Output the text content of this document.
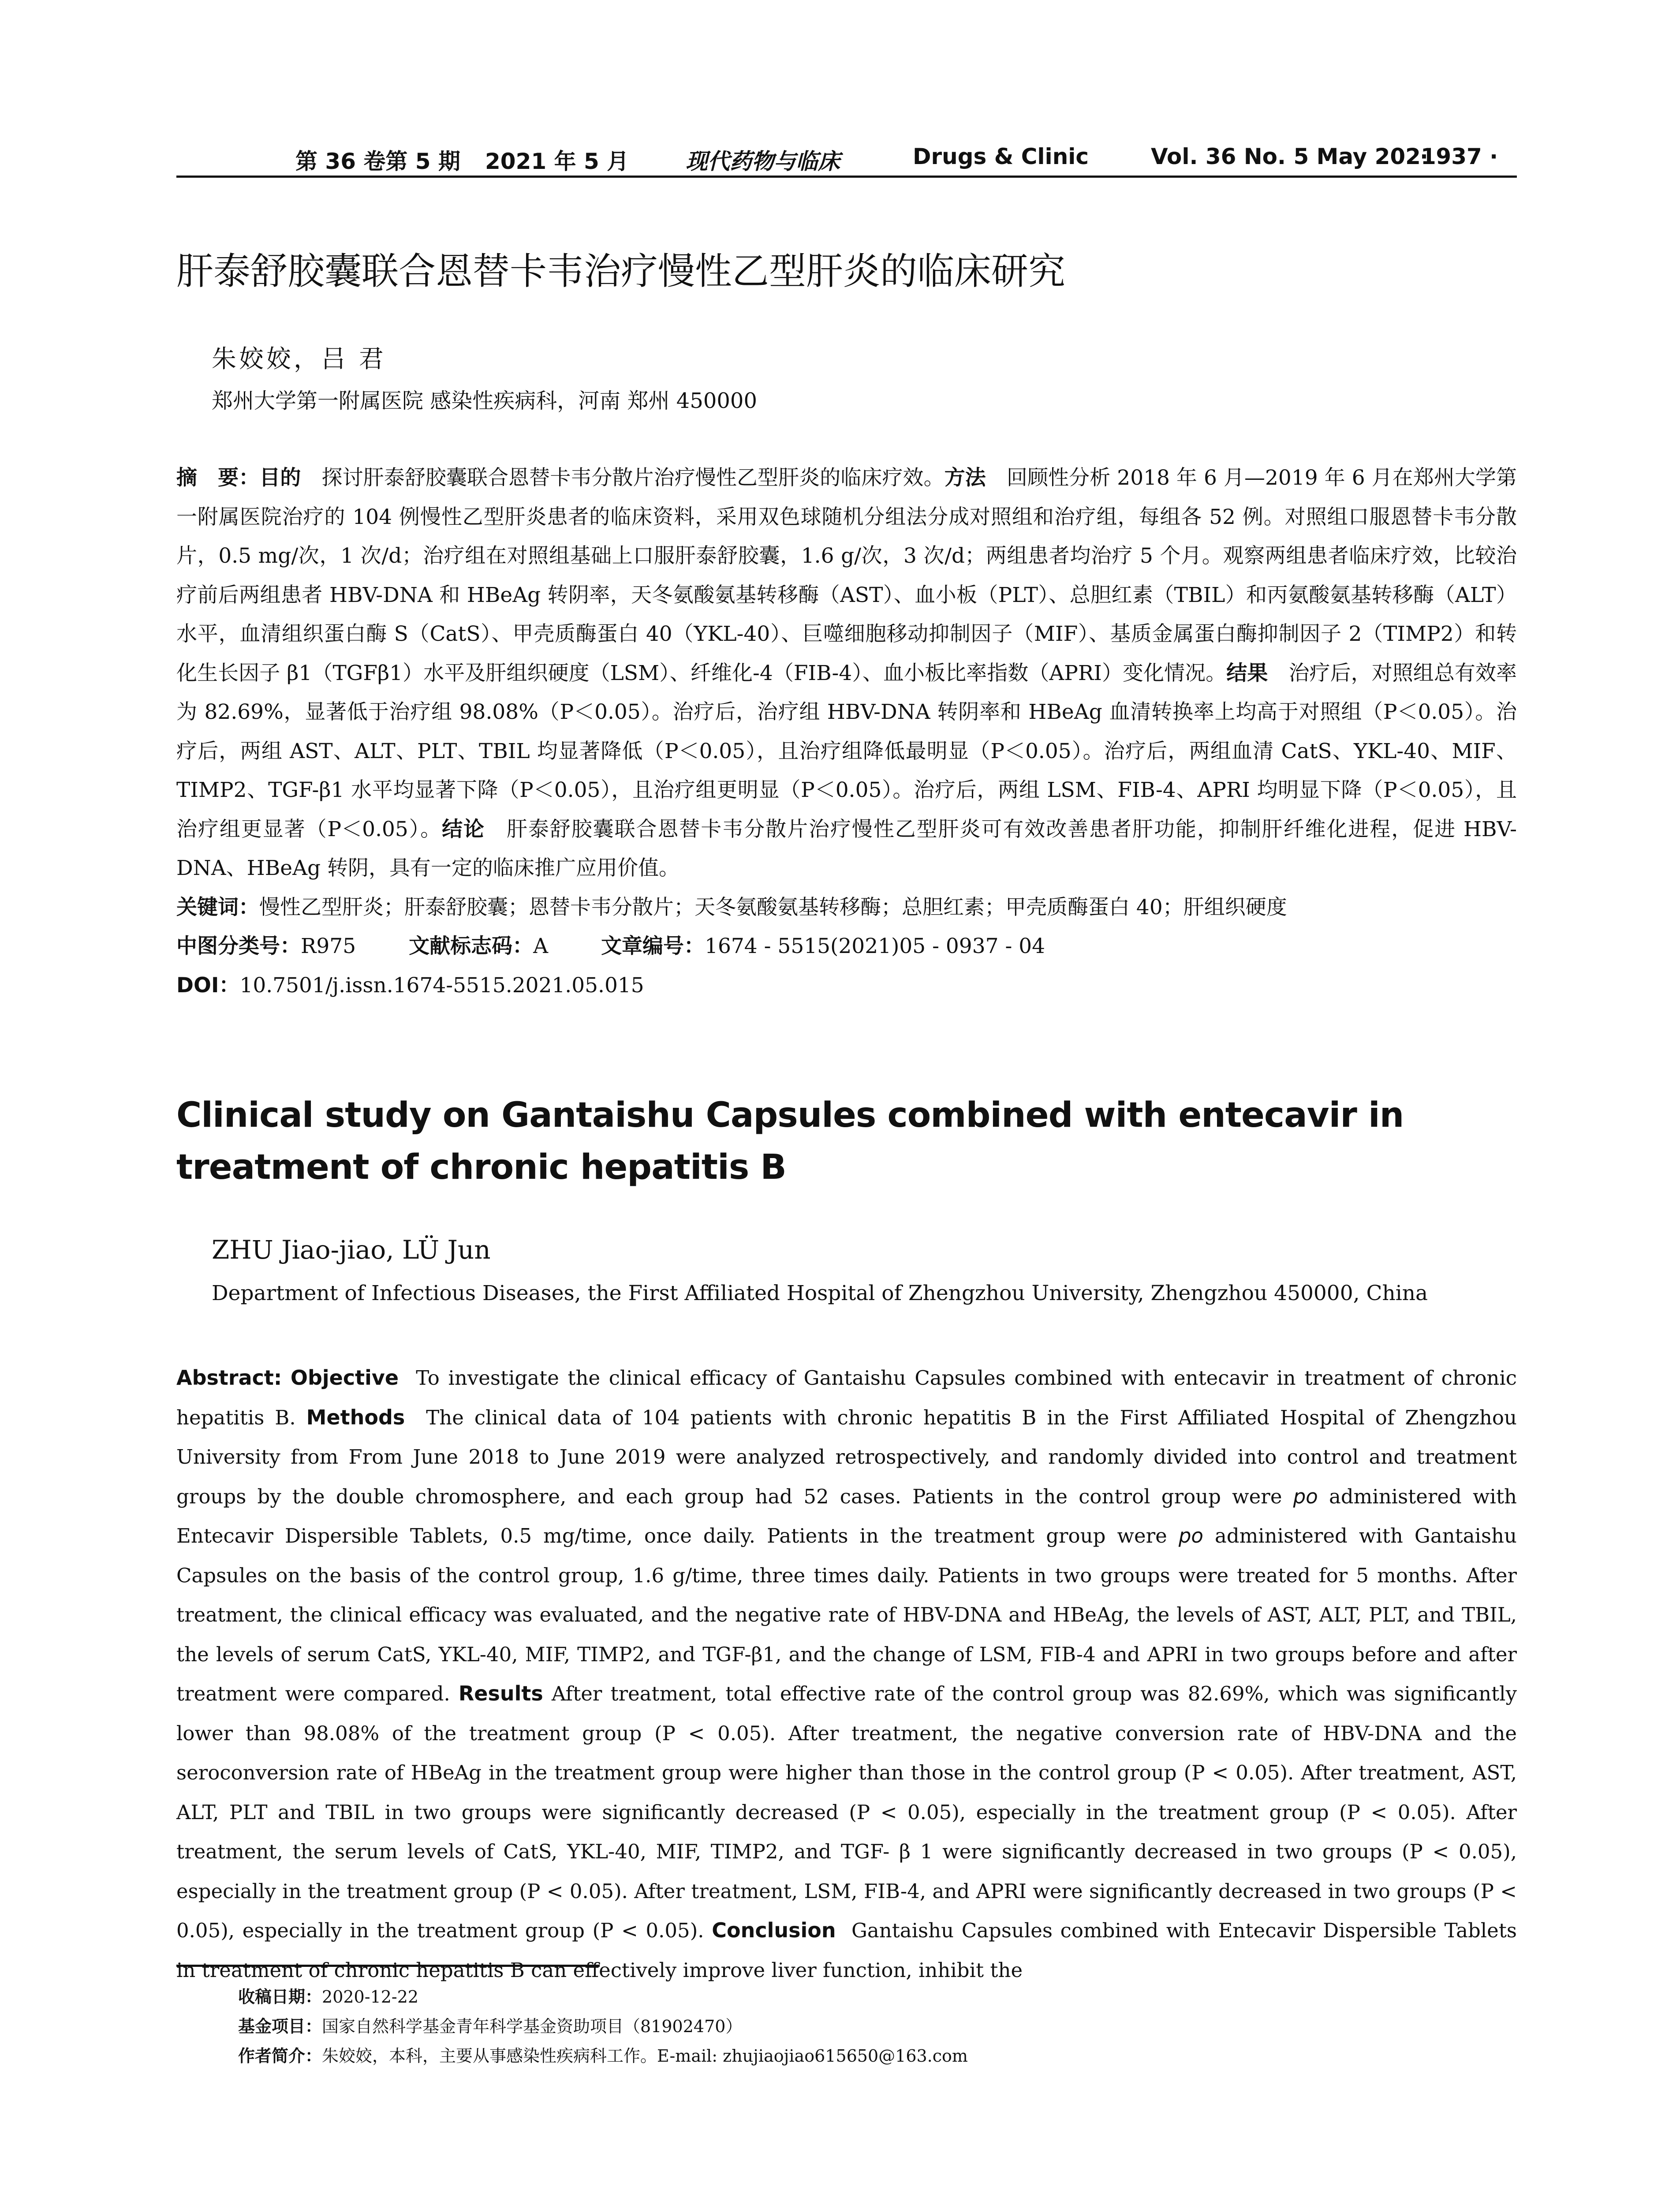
第 36 卷第 5 期 2021 年 5 月	现代药物与临床	Drugs & Clinic	Vol. 36 No. 5 May 2021
· 937 ·
肝泰舒胶囊联合恩替卡韦治疗慢性乙型肝炎的临床研究
朱姣姣，吕 君
郑州大学第一附属医院 感染性疾病科，河南 郑州 450000

摘　要：目的　 探讨肝泰舒胶囊联合恩替卡韦分散片治疗慢性乙型肝炎的临床疗效。方法　 回顾性分析 2018 年 6 月—2019 年 6 月在郑州大学第一附属医院治疗的 104 例慢性乙型肝炎患者的临床资料，采用双色球随机分组法分成对照组和治疗组，每组各 52 例。对照组口服恩替卡韦分散片，0.5 mg/次，1 次/d；治疗组在对照组基础上口服肝泰舒胶囊，1.6 g/次，3 次/d；两组患者均治疗 5 个月。观察两组患者临床疗效，比较治疗前后两组患者 HBV-DNA 和 HBeAg 转阴率，天冬氨酸氨基转移酶（AST）、血小板（PLT）、总胆红素（TBIL）和丙氨酸氨基转移酶（ALT）水平，血清组织蛋白酶 S（CatS）、甲壳质酶蛋白 40（YKL-40）、巨噬细胞移动抑制因子（MIF）、基质金属蛋白酶抑制因子 2（TIMP2）和转化生长因子 β1（TGFβ1）水平及肝组织硬度（LSM）、纤维化-4（FIB-4）、血小板比率指数（APRI）变化情况。结果　 治疗后，对照组总有效率为 82.69%，显著低于治疗组 98.08%（P＜0.05）。治疗后，治疗组 HBV-DNA 转阴率和 HBeAg 血清转换率上均高于对照组（P＜0.05）。治疗后，两组 AST、ALT、PLT、TBIL 均显著降低（P＜0.05），且治疗组降低最明显（P＜0.05）。治疗后，两组血清 CatS、YKL-40、MIF、TIMP2、TGF-β1 水平均显著下降（P＜0.05），且治疗组更明显（P＜0.05）。治疗后，两组 LSM、FIB-4、APRI 均明显下降（P＜0.05），且治疗组更显著（P＜0.05）。结论　 肝泰舒胶囊联合恩替卡韦分散片治疗慢性乙型肝炎可有效改善患者肝功能，抑制肝纤维化进程，促进 HBV-DNA、HBeAg 转阴，具有一定的临床推广应用价值。

关键词：慢性乙型肝炎；肝泰舒胶囊；恩替卡韦分散片；天冬氨酸氨基转移酶；总胆红素；甲壳质酶蛋白 40；肝组织硬度

中图分类号：R975	文献标志码：A	文章编号：1674 - 5515(2021)05 - 0937 - 04

DOI：10.7501/j.issn.1674-5515.2021.05.015

Clinical study on Gantaishu Capsules combined with entecavir in treatment of chronic hepatitis B
ZHU Jiao-jiao, LÜ Jun
Department of Infectious Diseases, the First Affiliated Hospital of Zhengzhou University, Zhengzhou 450000, China
Abstract: Objective To investigate the clinical efficacy of Gantaishu Capsules combined with entecavir in treatment of chronic hepatitis B. Methods The clinical data of 104 patients with chronic hepatitis B in the First Affiliated Hospital of Zhengzhou University from From June 2018 to June 2019 were analyzed retrospectively, and randomly divided into control and treatment groups by the double chromosphere, and each group had 52 cases. Patients in the control group were po administered with Entecavir Dispersible Tablets, 0.5 mg/time, once daily. Patients in the treatment group were po administered with Gantaishu Capsules on the basis of the control group, 1.6 g/time, three times daily. Patients in two groups were treated for 5 months. After treatment, the clinical efficacy was evaluated, and the negative rate of HBV-DNA and HBeAg, the levels of AST, ALT, PLT, and TBIL, the levels of serum CatS, YKL-40, MIF, TIMP2, and TGF-β1, and the change of LSM, FIB-4 and APRI in two groups before and after treatment were compared. Results After treatment, total effective rate of the control group was 82.69%, which was significantly lower than 98.08% of the treatment group (P < 0.05). After treatment, the negative conversion rate of HBV-DNA and the seroconversion rate of HBeAg in the treatment group were higher than those in the control group (P < 0.05). After treatment, AST, ALT, PLT and TBIL in two groups were significantly decreased (P < 0.05), especially in the treatment group (P < 0.05). After treatment, the serum levels of CatS, YKL-40, MIF, TIMP2, and TGF- β 1 were significantly decreased in two groups (P < 0.05), especially in the treatment group (P < 0.05). After treatment, LSM, FIB-4, and APRI were significantly decreased in two groups (P < 0.05), especially in the treatment group (P < 0.05). Conclusion Gantaishu Capsules combined with Entecavir Dispersible Tablets in treatment of chronic hepatitis B can effectively improve liver function, inhibit the
收稿日期：2020-12-22
基金项目：国家自然科学基金青年科学基金资助项目（81902470）
作者简介：朱姣姣，本科，主要从事感染性疾病科工作。E-mail: zhujiaojiao615650@163.com
